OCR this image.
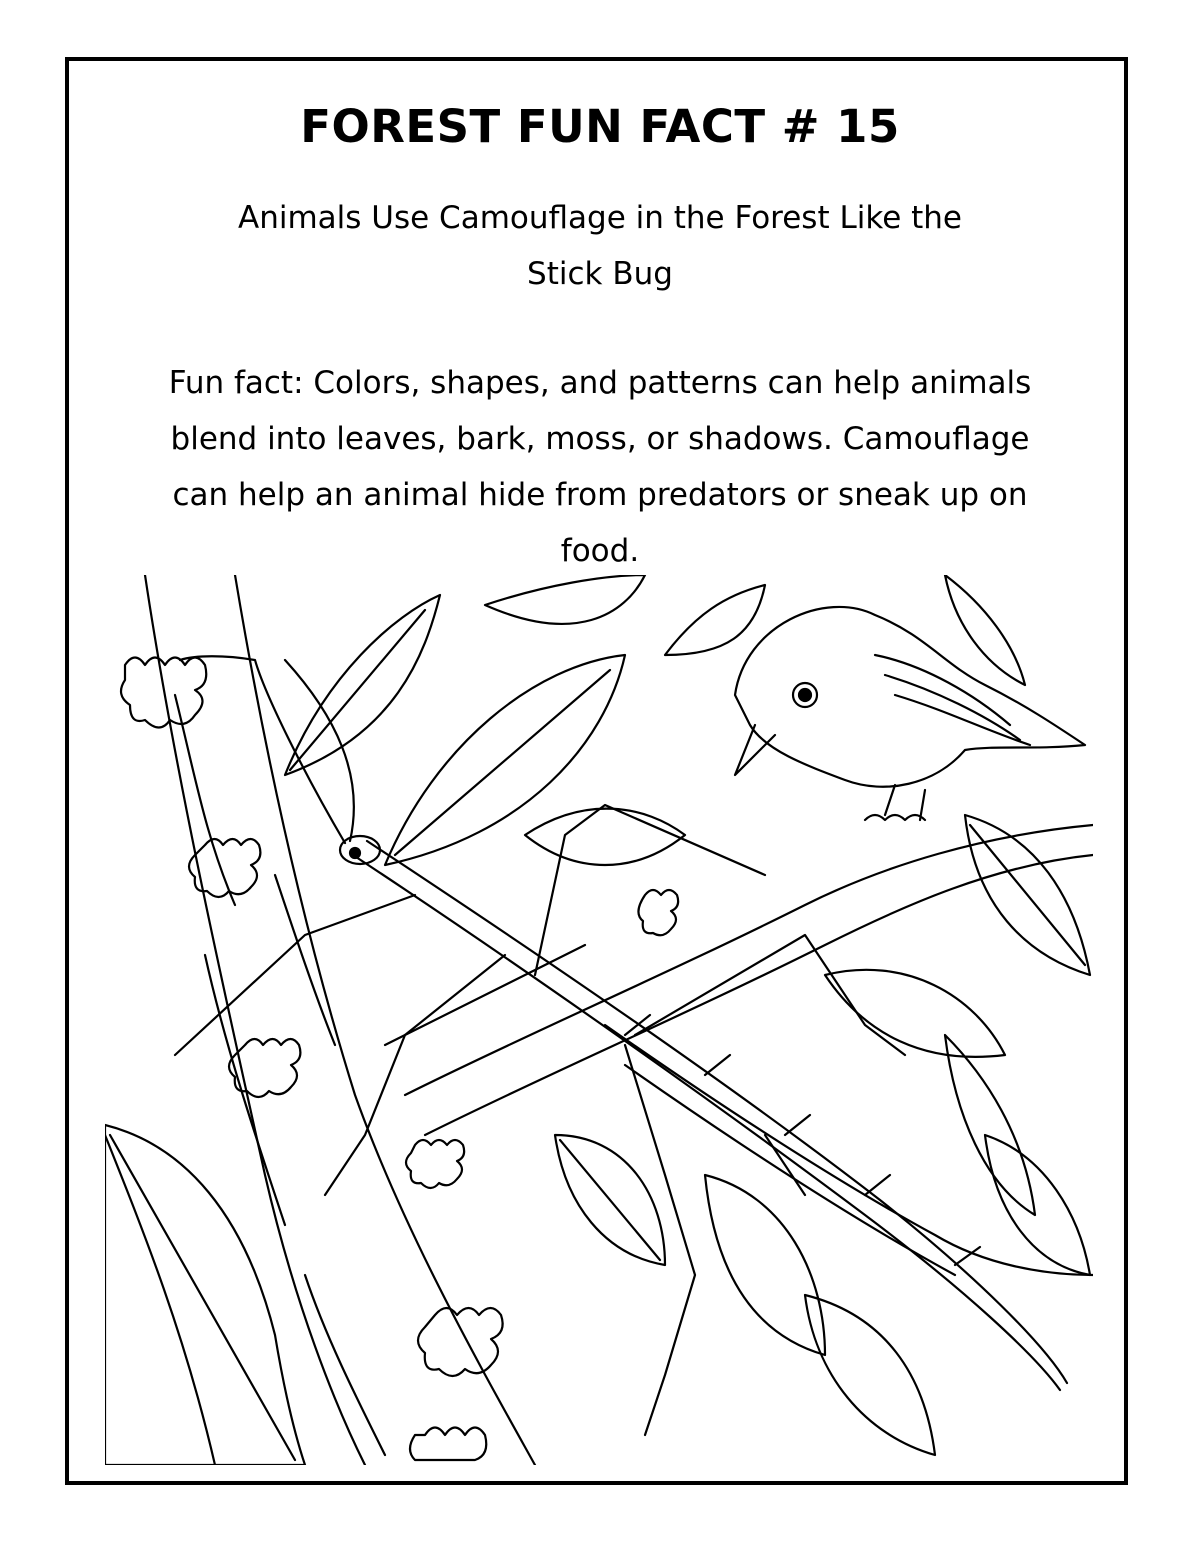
FOREST FUN FACT # 15
Animals Use Camouflage in the Forest Like the
Stick Bug
Fun fact: Colors, shapes, and patterns can help animals
blend into leaves, bark, moss, or shadows. Camouflage
can help an animal hide from predators or sneak up on
food.
